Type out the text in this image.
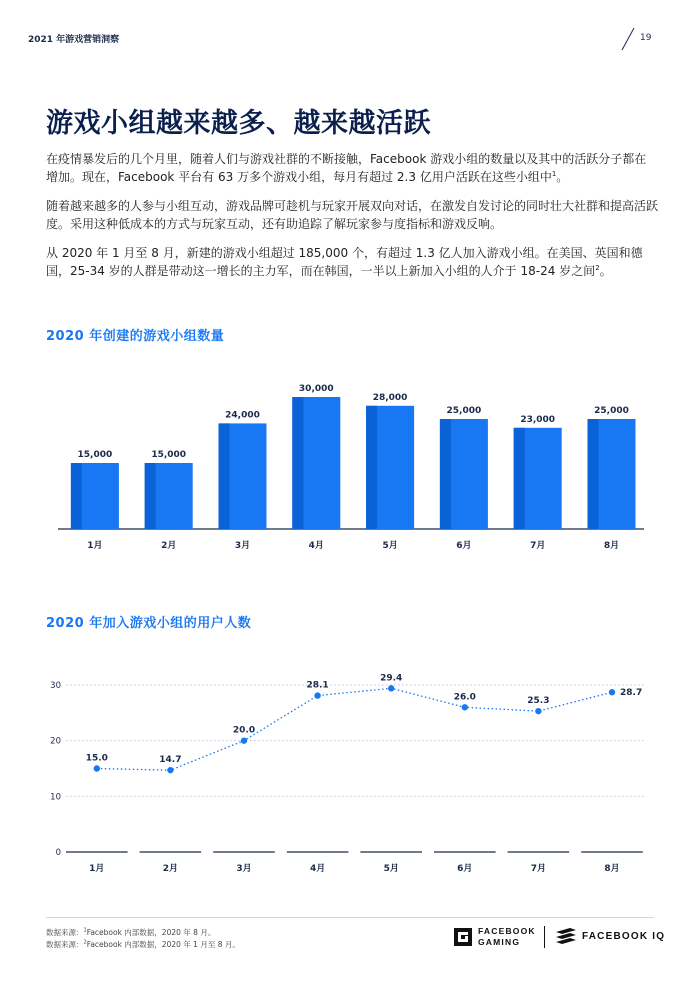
2021 年游戏营销洞察	19
游戏小组越来越多、越来越活跃
在疫情暴发后的几个月里，随着人们与游戏社群的不断接触，Facebook 游戏小组的数量以及其中的活跃分子都在增加。现在，Facebook 平台有 63 万多个游戏小组，每月有超过 2.3 亿用户活跃在这些小组中$^1$。
随着越来越多的人参与小组互动，游戏品牌可趁机与玩家开展双向对话，在激发自发讨论的同时壮大社群和提高活跃度。采用这种低成本的方式与玩家互动，还有助追踪了解玩家参与度指标和游戏反响。
从 2020 年 1 月至 8 月，新建的游戏小组超过 185,000 个，有超过 1.3 亿人加入游戏小组。在美国、英国和德国，25-34 岁的人群是带动这一增长的主力军，而在韩国，一半以上新加入小组的人介于 18-24 岁之间$^2$。
2020 年创建的游戏小组数量
15,000
1月
15,000
2月
24,000
3月
30,000
4月
28,000
5月
25,000
6月
23,000
7月
25,000
8月
2020 年加入游戏小组的用户人数
0
10
20
30
15.0
1月
14.7
2月
20.0
3月
28.1
4月
29.4
5月
26.0
6月
25.3
7月
28.7
8月
数据来源：$^1$Facebook 内部数据，2020 年 8 月。
数据来源：$^2$Facebook 内部数据，2020 年 1 月至 8 月。
FACEBOOK
GAMING
FACEBOOK IQ
